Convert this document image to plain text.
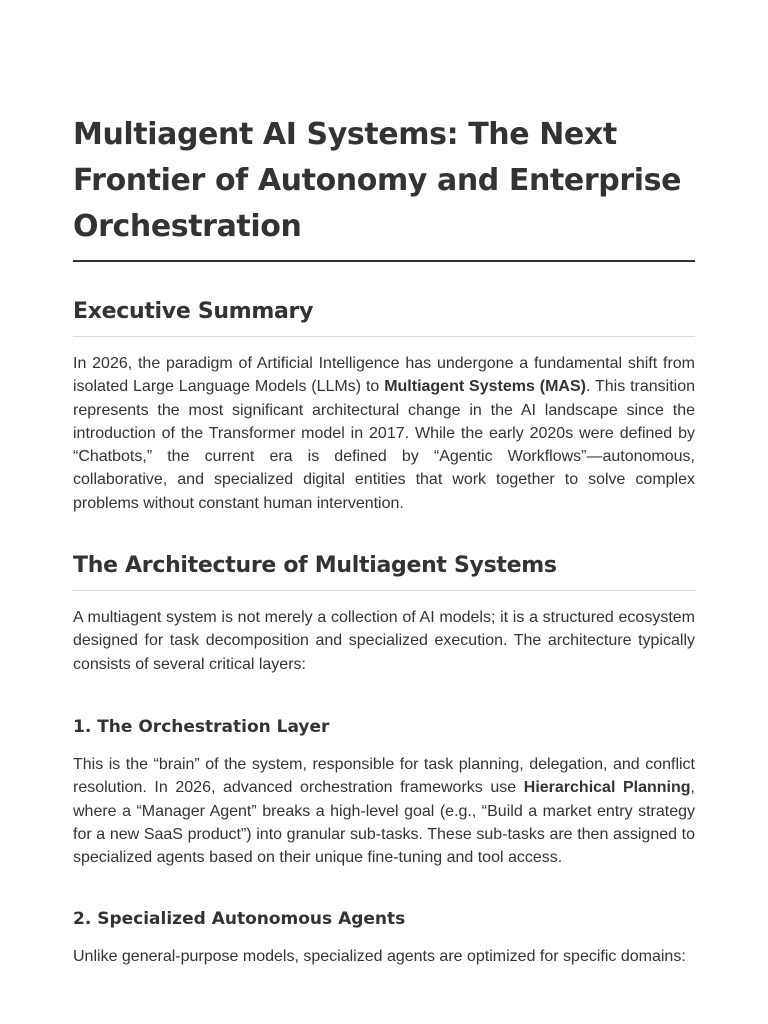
Multiagent AI Systems: The Next Frontier of Autonomy and Enterprise Orchestration
Executive Summary

In 2026, the paradigm of Artificial Intelligence has undergone a fundamental shift from isolated Large Language Models (LLMs) to Multiagent Systems (MAS). This transition represents the most significant architectural change in the AI landscape since the introduction of the Transformer model in 2017. While the early 2020s were defined by “Chatbots,” the current era is defined by “Agentic Workflows”—autonomous, collaborative, and specialized digital entities that work together to solve complex problems without constant human intervention.

The Architecture of Multiagent Systems

A multiagent system is not merely a collection of AI models; it is a structured ecosystem designed for task decomposition and specialized execution. The architecture typically consists of several critical layers:

1. The Orchestration Layer

This is the “brain” of the system, responsible for task planning, delegation, and conflict resolution. In 2026, advanced orchestration frameworks use Hierarchical Planning, where a “Manager Agent” breaks a high-level goal (e.g., “Build a market entry strategy for a new SaaS product”) into granular sub-tasks. These sub-tasks are then assigned to specialized agents based on their unique fine-tuning and tool access.

2. Specialized Autonomous Agents

Unlike general-purpose models, specialized agents are optimized for specific domains:
